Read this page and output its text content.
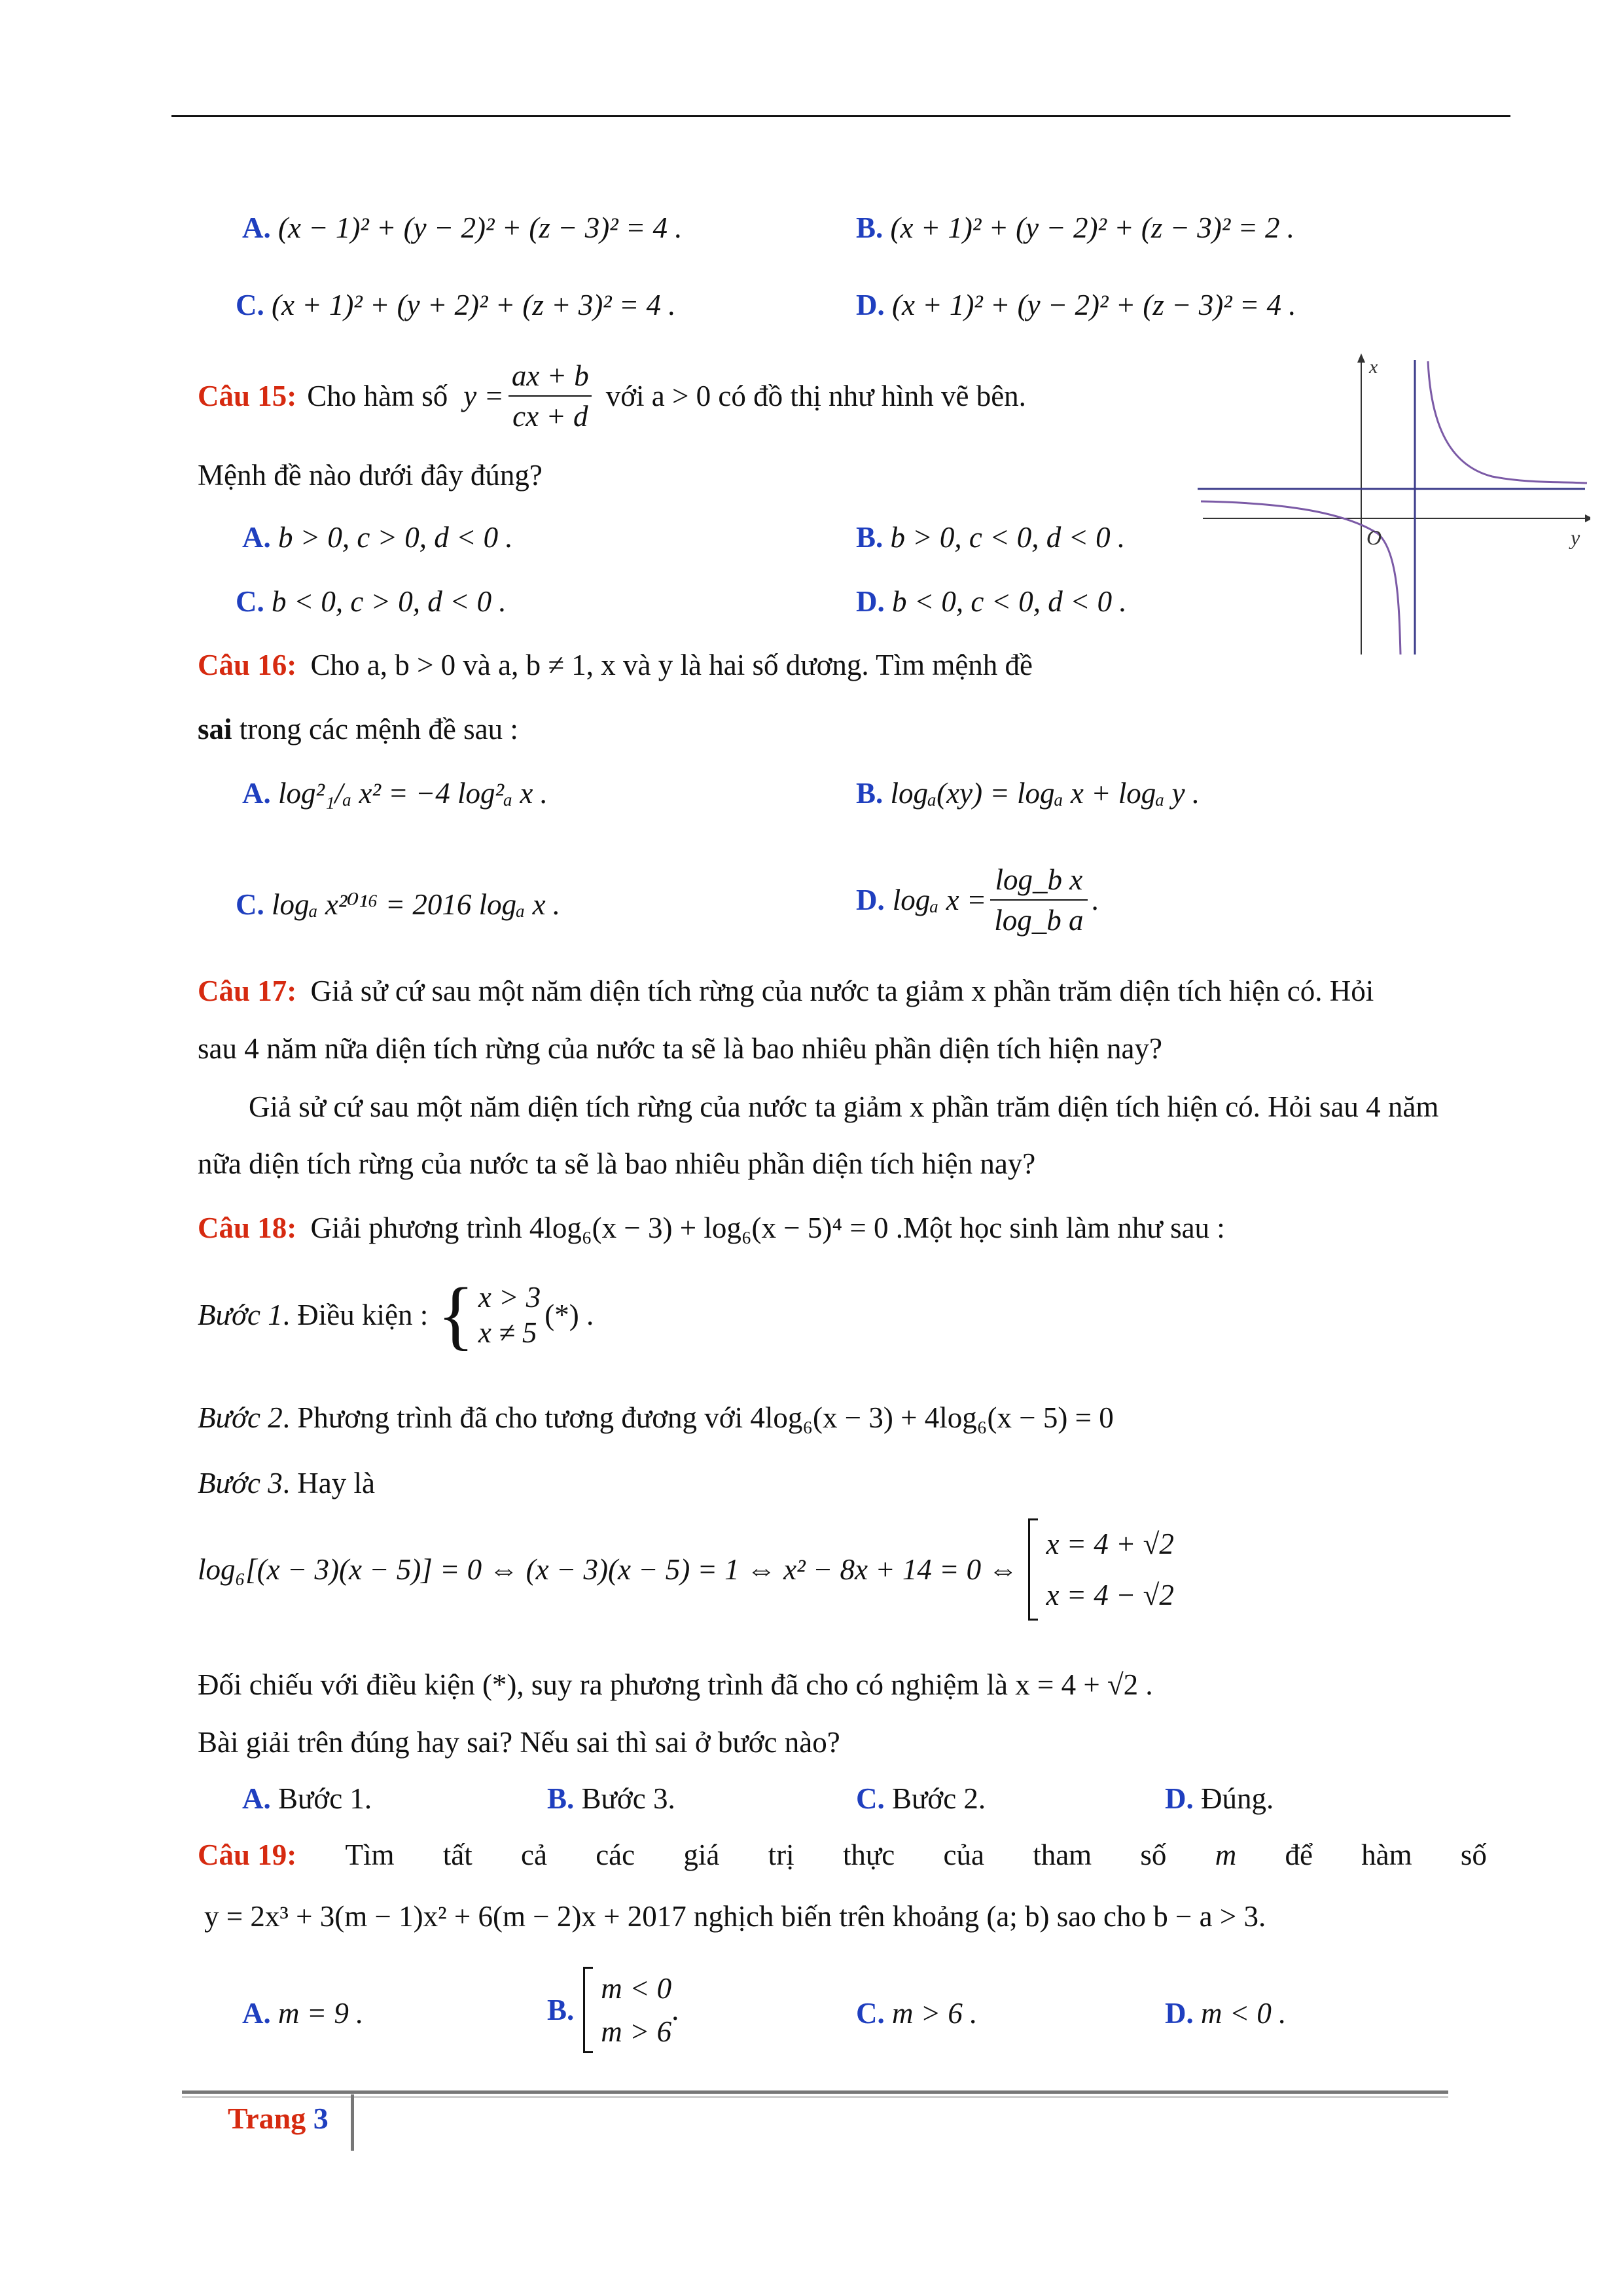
A. (x − 1)² + (y − 2)² + (z − 3)² = 4 .	B. (x + 1)² + (y − 2)² + (z − 3)² = 2 .
C. (x + 1)² + (y + 2)² + (z + 3)² = 4 .	D. (x + 1)² + (y − 2)² + (z − 3)² = 4 .
Câu 15: Cho hàm số $y = \frac{ax + b}{cx + d}$ với a > 0 có đồ thị như hình vẽ bên.
Mệnh đề nào dưới đây đúng?
x
O	y
A. b > 0, c > 0, d < 0 .	B. b > 0, c < 0, d < 0 .
C. b < 0, c > 0, d < 0 .	D. b < 0, c < 0, d < 0 .
Câu 16: Cho a, b > 0 và a, b ≠ 1, x và y là hai số dương. Tìm mệnh đề
sai trong các mệnh đề sau :
A. log²₁/ₐ x² = −4 log²ₐ x .	B. logₐ(xy) = logₐ x + logₐ y .
C. logₐ x²⁰¹⁶ = 2016 logₐ x .	D. logₐ $x = \frac{\text{log\_b x}}{\text{log\_b a}}$ .
Câu 17: Giả sử cứ sau một năm diện tích rừng của nước ta giảm x phần trăm diện tích hiện có. Hỏi
sau 4 năm nữa diện tích rừng của nước ta sẽ là bao nhiêu phần diện tích hiện nay?
Giả sử cứ sau một năm diện tích rừng của nước ta giảm x phần trăm diện tích hiện có. Hỏi sau 4 năm
nữa diện tích rừng của nước ta sẽ là bao nhiêu phần diện tích hiện nay?
Câu 18: Giải phương trình 4log₆(x − 3) + log₆(x − 5)⁴ = 0 .Một học sinh làm như sau :
Bước 1 . Điều kiện : { x > 3
x ≠ 5
(*) .
Bước 2. Phương trình đã cho tương đương với 4log₆(x − 3) + 4log₆(x − 5) = 0
Bước 3. Hay là
log₆[(x − 3)(x − 5)] = 0 ⇔ (x − 3)(x − 5) = 1 ⇔ x² − 8x + 14 = 0 ⇔
x = 4 + √2
x = 4 − √2
Đối chiếu với điều kiện (*), suy ra phương trình đã cho có nghiệm là x = 4 + √2 .
Bài giải trên đúng hay sai? Nếu sai thì sai ở bước nào?
A. Bước 1.	B. Bước 3.	C. Bước 2.	D. Đúng.
Câu 19: Tìm tất cả các giá trị thực của tham số m để hàm số
y = 2x³ + 3(m − 1)x² + 6(m − 2)x + 2017 nghịch biến trên khoảng (a; b) sao cho b − a > 3.
A. m = 9 .	B.
m < 0
m > 6
.	C. m > 6 .	D. m < 0 .
Trang 3
